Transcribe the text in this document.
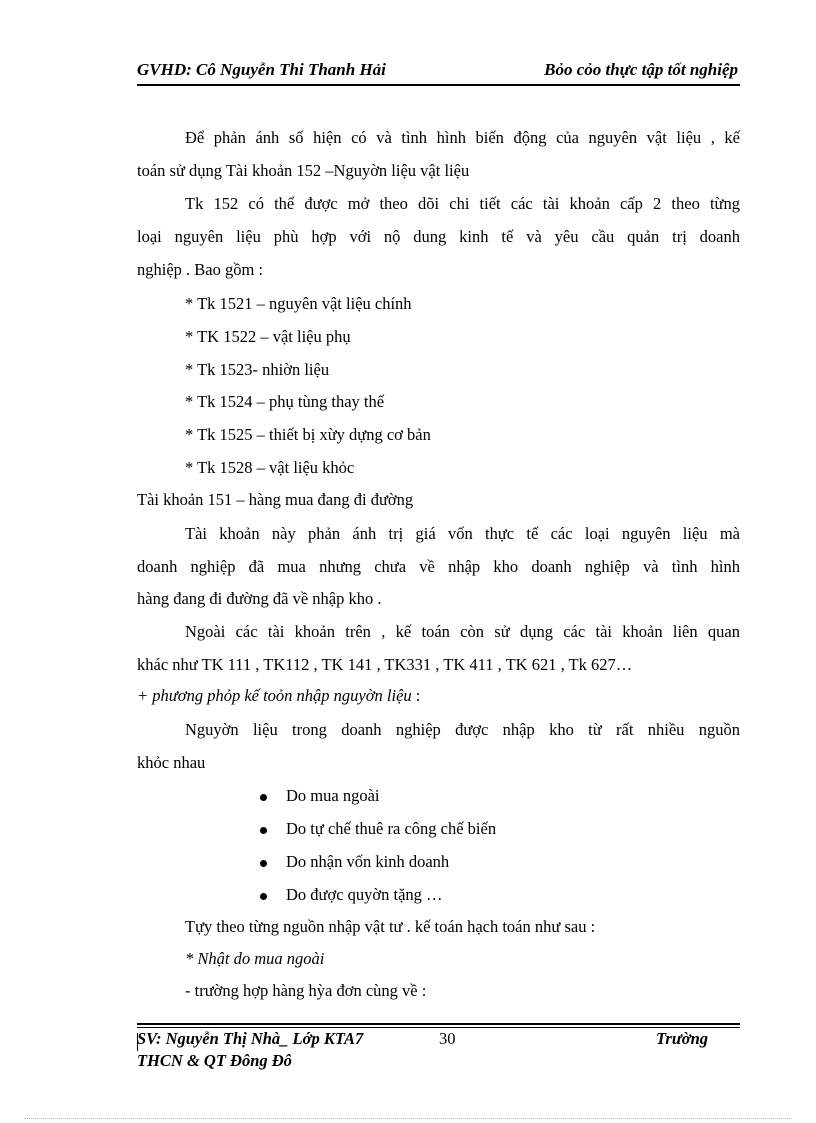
GVHD: Cô Nguyễn Thi Thanh Hải	Bỏo cỏo thực tập tốt nghiệp
Để phản ánh số hiện có và tình hình biến động của nguyên vật liệu , kế
toán sử dụng Tài khoản 152 –Nguyờn liệu vật liệu
Tk 152 có thể được mở theo dõi chi tiết các tài khoản cấp 2 theo từng
loại nguyên liệu phù hợp với nộ dung kinh tế và yêu cầu quản trị doanh
nghiệp . Bao gồm :
* Tk 1521 – nguyên vật liệu chính
* TK 1522 – vật liệu phụ
* Tk 1523- nhiờn liệu
* Tk 1524 – phụ tùng thay thế
* Tk 1525 – thiết bị xừy dựng cơ bản
* Tk 1528 – vật liệu khỏc
Tài khoản 151 – hàng mua đang đi đường
Tài khoản này phản ánh trị giá vốn thực tế các loại nguyên liệu mà
doanh nghiệp đã mua nhưng chưa về nhập kho doanh nghiệp và tình hình
hàng đang đi đường đã về nhập kho .
Ngoài các tài khoản trên , kế toán còn sử dụng các tài khoản liên quan
khác như TK 111 , TK112 , TK 141 , TK331 , TK 411 , TK 621 , Tk 627…
+ phương phỏp kế toỏn nhập nguyờn liệu :
Nguyờn liệu trong doanh nghiệp được nhập kho từ rất nhiều nguồn
khỏc nhau
Do mua ngoài
Do tự chế thuê ra công chế biến
Do nhận vốn kinh doanh
Do được quyờn tặng …
Tựy theo từng nguồn nhập vật tư . kế toán hạch toán như sau :
* Nhật do mua ngoài
- trường hợp hàng hỳa đơn cùng về :
SV: Nguyễn Thị Nhà_ Lớp KTA7	30	Trường
THCN & QT Đông Đô
